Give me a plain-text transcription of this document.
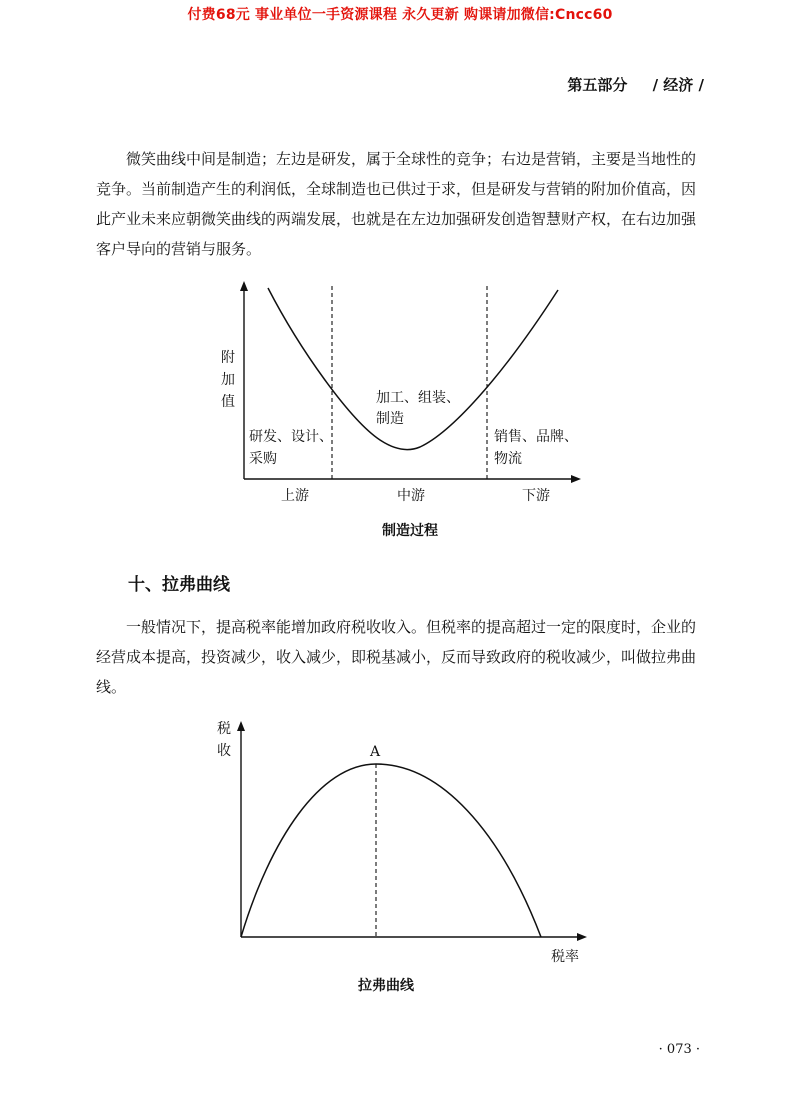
付费68元 事业单位一手资源课程 永久更新 购课请加微信:Cncc60
第五部分 / 经济 /

微笑曲线中间是制造；左边是研发，属于全球性的竞争；右边是营销，主要是当地性的竞争。当前制造产生的利润低，全球制造也已供过于求，但是研发与营销的附加价值高，因此产业未来应朝微笑曲线的两端发展，也就是在左边加强研发创造智慧财产权，在右边加强客户导向的营销与服务。

附
加
值
研发、设计、
采购
加工、组装、
制造
销售、品牌、
物流
上游	中游	下游
A
税
收
税率
制造过程
十、拉弗曲线

一般情况下，提高税率能增加政府税收收入。但税率的提高超过一定的限度时，企业的经营成本提高，投资减少，收入减少，即税基减小，反而导致政府的税收减少，叫做拉弗曲线。

拉弗曲线
· 073 ·
